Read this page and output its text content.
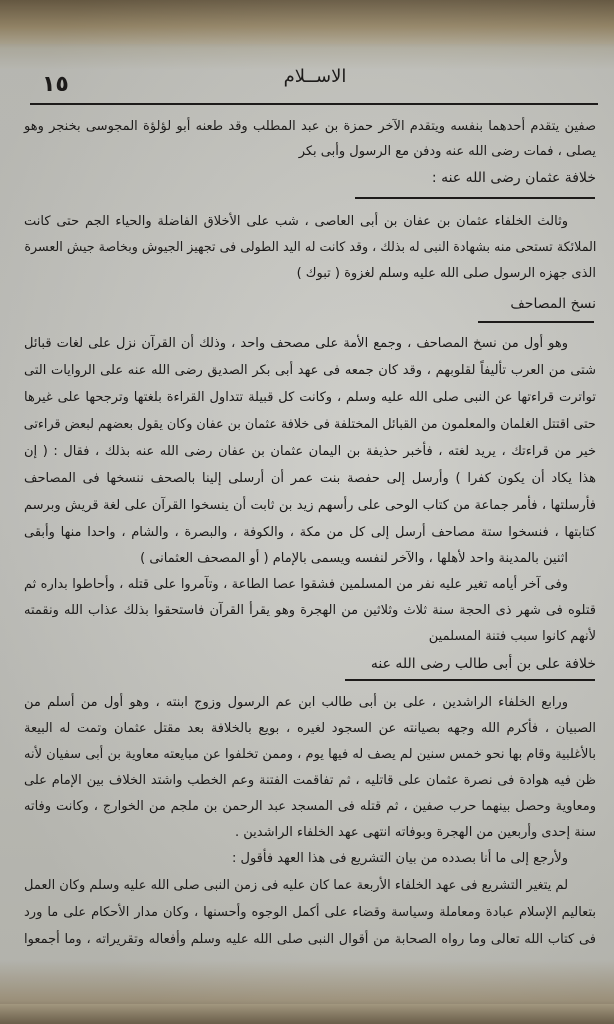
١٥	الاســلام
صفين يتقدم أحدهما بنفسه ويتقدم الآخر حمزة بن عبد المطلب وقد طعنه أبو لؤلؤة المجوسى بخنجر وهو
يصلى ، فمات رضى الله عنه ودفن مع الرسول وأبى بكر
خلافة عثمان رضى الله عنه :
وثالث الخلفاء عثمان بن عفان بن أبى العاصى ، شب على الأخلاق الفاضلة والحياء الجم حتى كانت
الملائكة تستحى منه بشهادة النبى له بذلك ، وقد كانت له اليد الطولى فى تجهيز الجيوش وبخاصة جيش العسرة
الذى جهزه الرسول صلى الله عليه وسلم لغزوة ( تبوك )
نسخ المصاحف
وهو أول من نسخ المصاحف ، وجمع الأمة على مصحف واحد ، وذلك أن القرآن نزل على لغات قبائل
شتى من العرب تأليفاً لقلوبهم ، وقد كان جمعه فى عهد أبى بكر الصديق رضى الله عنه على الروايات التى
تواترت قراءتها عن النبى صلى الله عليه وسلم ، وكانت كل قبيلة تتداول القراءة بلغتها وترجحها على غيرها
حتى اقتتل الغلمان والمعلمون من القبائل المختلفة فى خلافة عثمان بن عفان وكان يقول بعضهم لبعض قراءتى
خير من قراءتك ، يريد لغته ، فأخبر حذيفة بن اليمان عثمان بن عفان رضى الله عنه بذلك ، فقال : ( إن
هذا يكاد أن يكون كفرا ) وأرسل إلى حفصة بنت عمر أن أرسلى إلينا بالصحف ننسخها فى المصاحف
فأرسلتها ، فأمر جماعة من كتاب الوحى على رأسهم زيد بن ثابت أن ينسخوا القرآن على لغة قريش وبرسم
كتابتها ، فنسخوا ستة مصاحف أرسل إلى كل من مكة ، والكوفة ، والبصرة ، والشام ، واحدا منها وأبقى
اثنين بالمدينة واحد لأهلها ، والآخر لنفسه ويسمى بالإمام ( أو المصحف العثمانى )
وفى آخر أيامه تغير عليه نفر من المسلمين فشقوا عصا الطاعة ، وتآمروا على قتله ، وأحاطوا بداره ثم
قتلوه فى شهر ذى الحجة سنة ثلاث وثلاثين من الهجرة وهو يقرأ القرآن فاستحقوا بذلك عذاب الله ونقمته
لأنهم كانوا سبب فتنة المسلمين
خلافة على بن أبى طالب رضى الله عنه
ورابع الخلفاء الراشدين ، على بن أبى طالب ابن عم الرسول وزوج ابنته ، وهو أول من أسلم من
الصبيان ، فأكرم الله وجهه بصيانته عن السجود لغيره ، بويع بالخلافة بعد مقتل عثمان وتمت له البيعة
بالأغلبية وقام بها نحو خمس سنين لم يصف له فيها يوم ، وممن تخلفوا عن مبايعته معاوية بن أبى سفيان لأنه
ظن فيه هوادة فى نصرة عثمان على قاتليه ، ثم تفاقمت الفتنة وعم الخطب واشتد الخلاف بين الإمام على
ومعاوية وحصل بينهما حرب صفين ، ثم قتله فى المسجد عبد الرحمن بن ملجم من الخوارج ، وكانت وفاته
سنة إحدى وأربعين من الهجرة وبوفاته انتهى عهد الخلفاء الراشدين .
ولأرجع إلى ما أنا بصدده من بيان التشريع فى هذا العهد فأقول :
لم يتغير التشريع فى عهد الخلفاء الأربعة عما كان عليه فى زمن النبى صلى الله عليه وسلم وكان العمل
بتعاليم الإسلام عبادة ومعاملة وسياسة وقضاء على أكمل الوجوه وأحسنها ، وكان مدار الأحكام على ما ورد
فى كتاب الله تعالى وما رواه الصحابة من أقوال النبى صلى الله عليه وسلم وأفعاله وتقريراته ، وما أجمعوا
